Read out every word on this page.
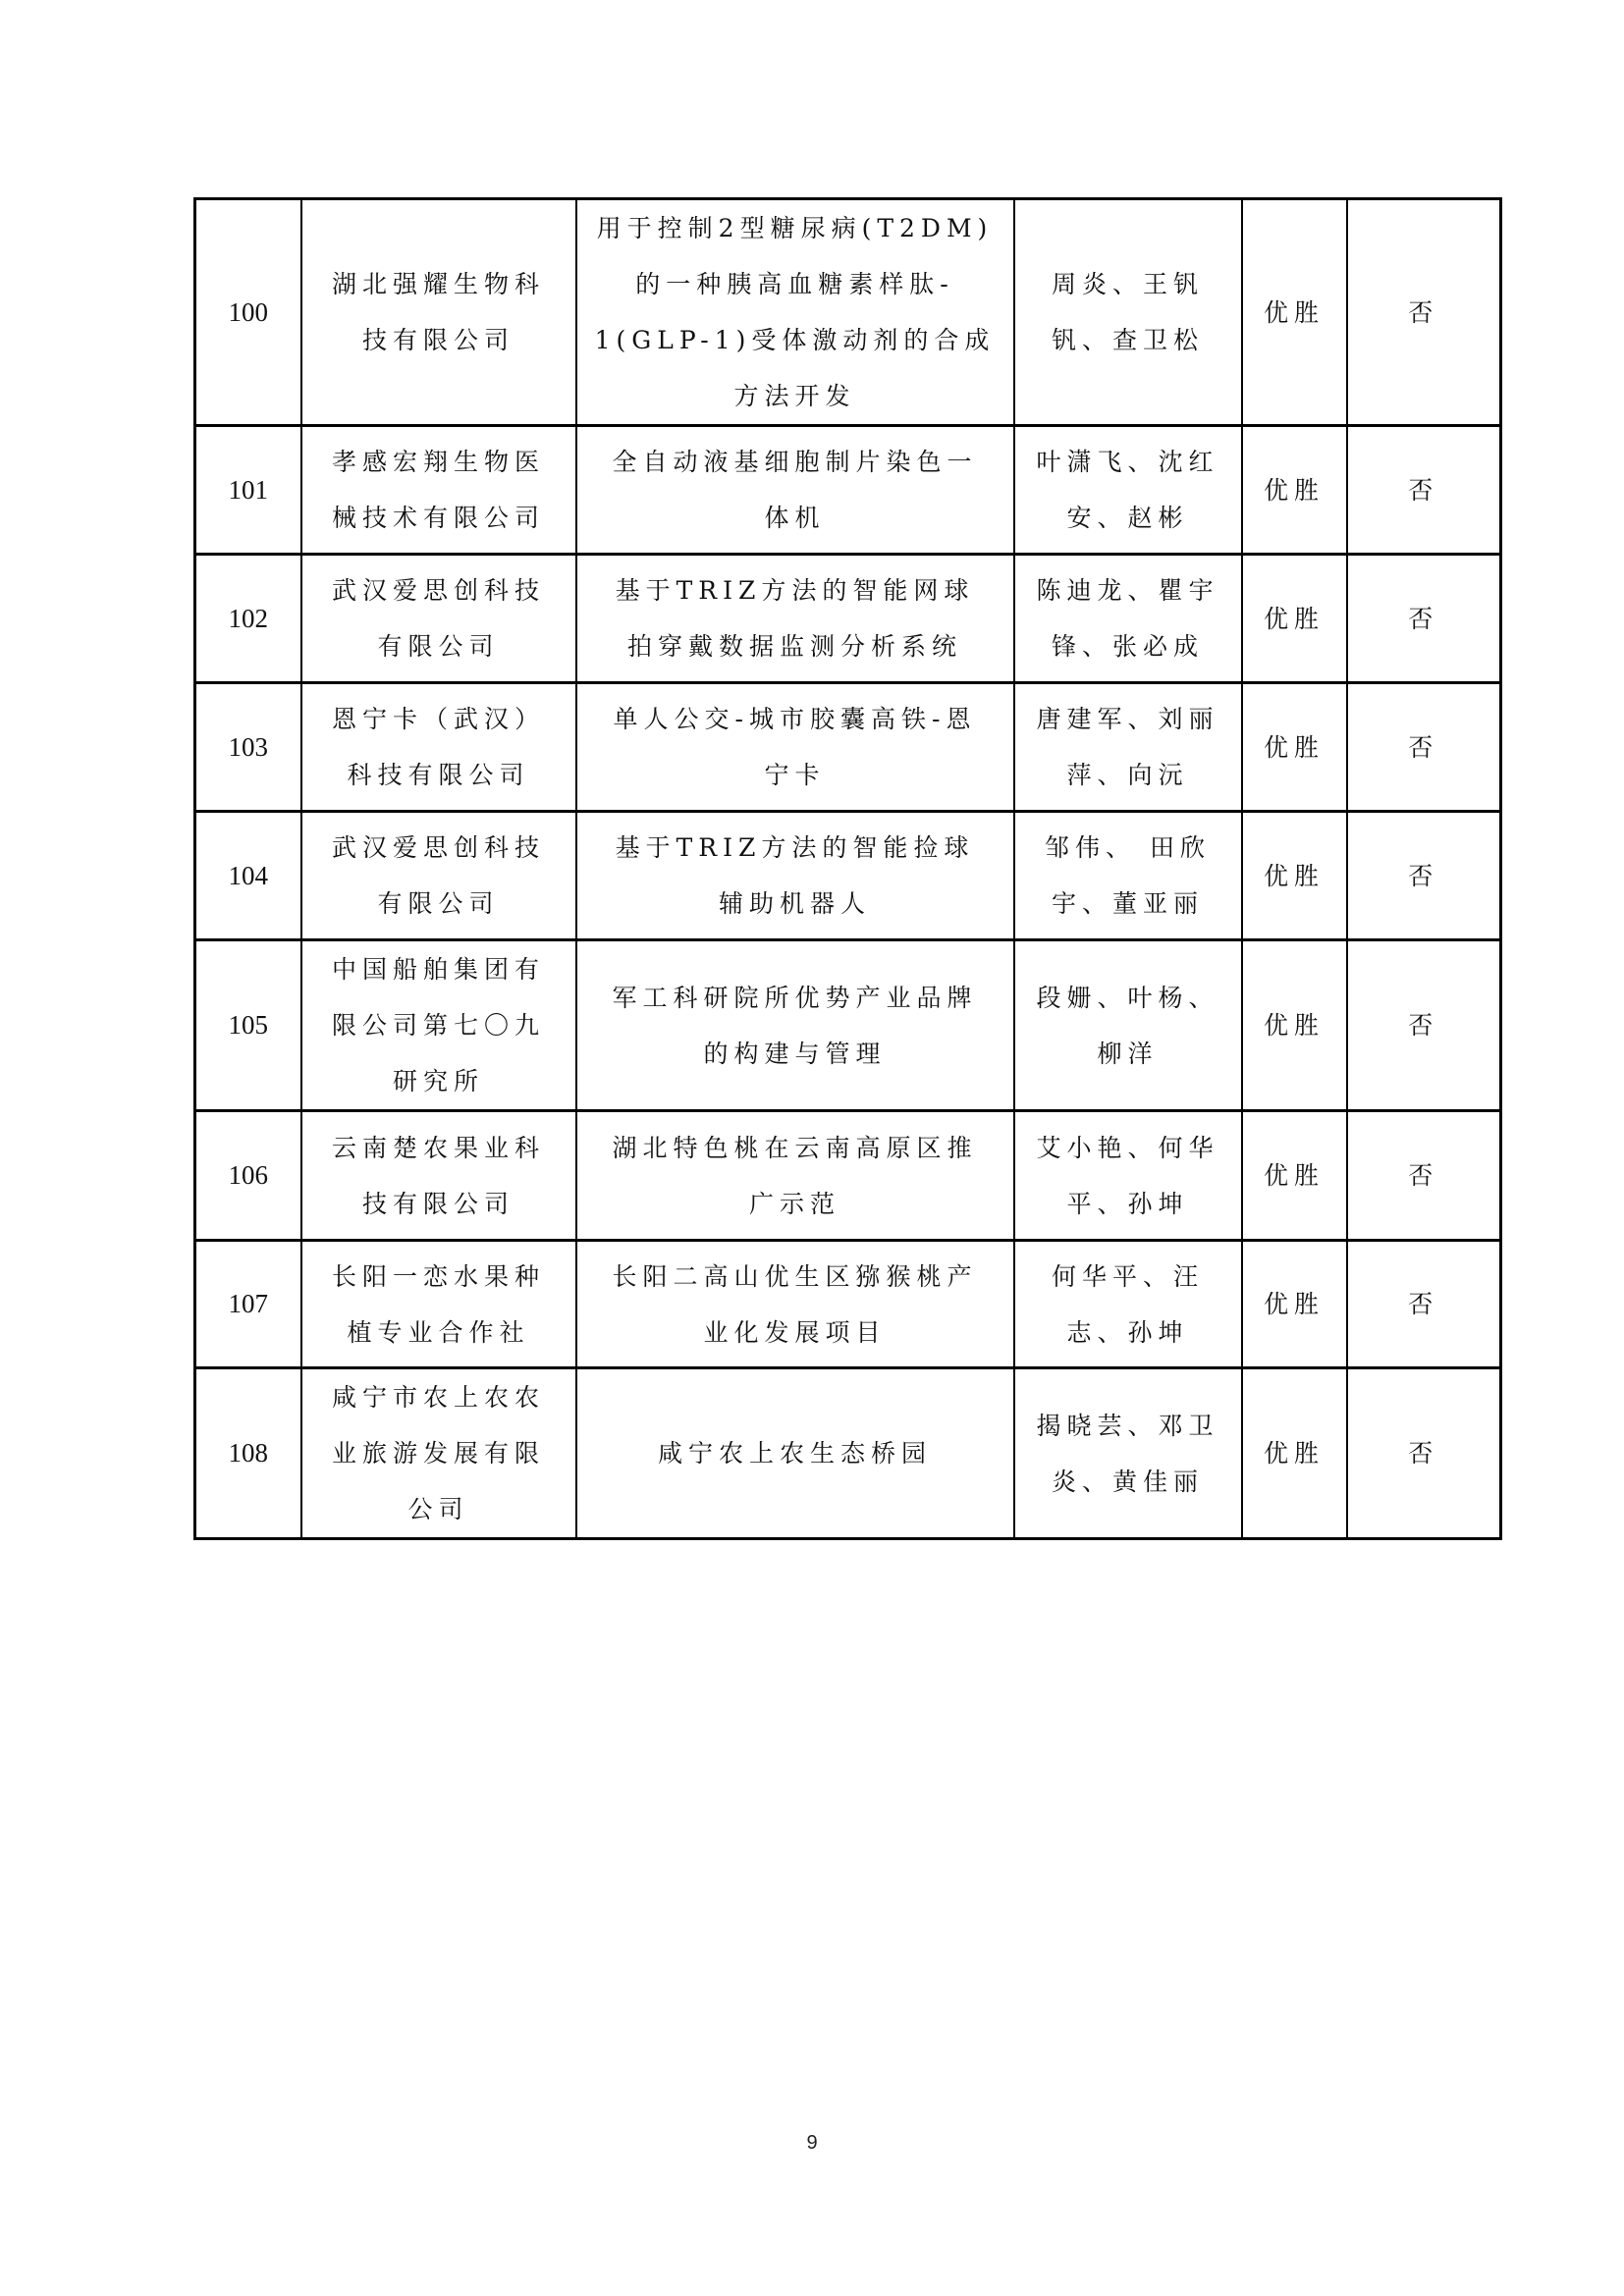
100	湖北强耀生物科
技有限公司	用于控制2型糖尿病(T2DM)
的一种胰高血糖素样肽-
1(GLP-1)受体激动剂的合成
方法开发	周炎、王钒
钒、查卫松	优胜	否
101	孝感宏翔生物医
械技术有限公司	全自动液基细胞制片染色一
体机	叶潇飞、沈红
安、赵彬	优胜	否
102	武汉爱思创科技
有限公司	基于TRIZ方法的智能网球
拍穿戴数据监测分析系统	陈迪龙、瞿宇
锋、张必成	优胜	否
103	恩宁卡（武汉）
科技有限公司	单人公交-城市胶囊高铁-恩
宁卡	唐建军、刘丽
萍、向沅	优胜	否
104	武汉爱思创科技
有限公司	基于TRIZ方法的智能捡球
辅助机器人	邹伟、 田欣
宇、董亚丽	优胜	否
105	中国船舶集团有
限公司第七〇九
研究所	军工科研院所优势产业品牌
的构建与管理	段姗、叶杨、
柳洋	优胜	否
106	云南楚农果业科
技有限公司	湖北特色桃在云南高原区推
广示范	艾小艳、何华
平、孙坤	优胜	否
107	长阳一恋水果种
植专业合作社	长阳二高山优生区猕猴桃产
业化发展项目	何华平、汪
志、孙坤	优胜	否
108	咸宁市农上农农
业旅游发展有限
公司	咸宁农上农生态桥园	揭晓芸、邓卫
炎、黄佳丽	优胜	否
9
